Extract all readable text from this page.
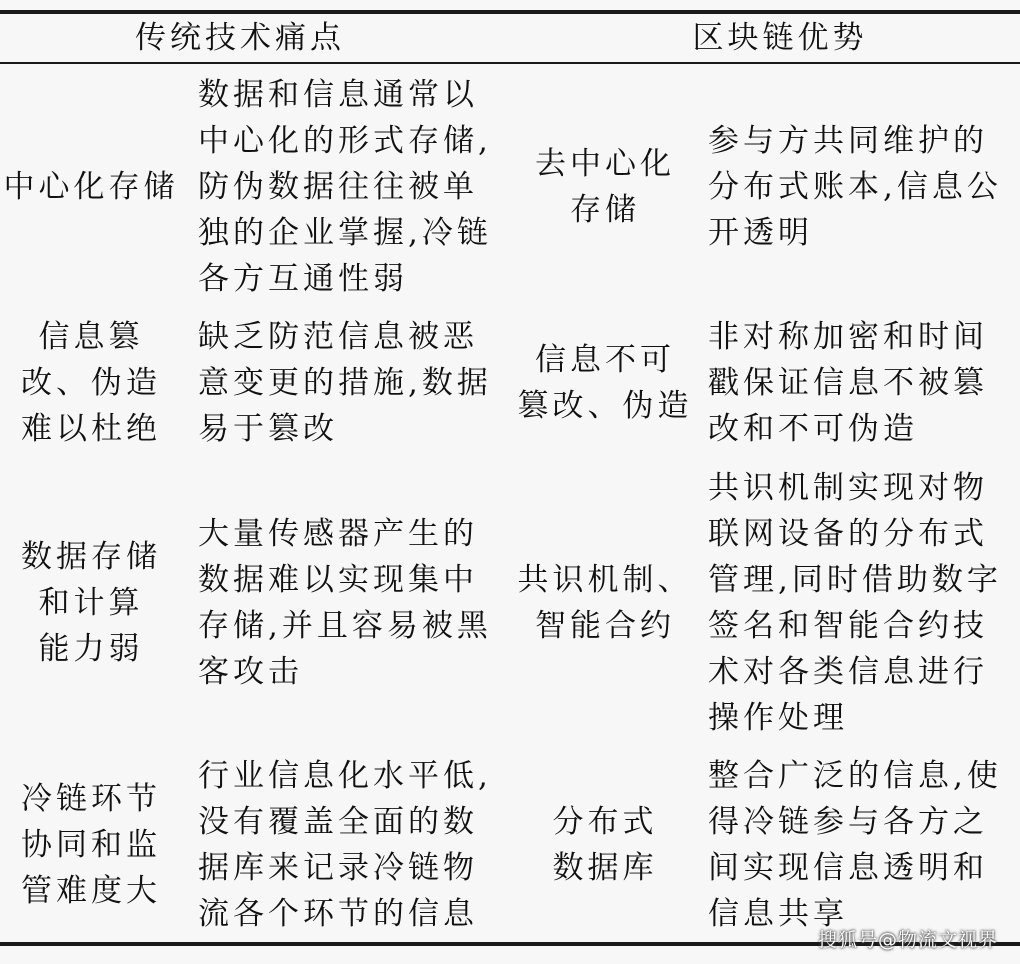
传统技术痛点	区块链优势
中心化存储
数据和信息通常以
中心化的形式存储,
防伪数据往往被单
独的企业掌握,冷链
各方互通性弱
去中心化
存储
参与方共同维护的
分布式账本,信息公
开透明
信息篡
改、伪造
难以杜绝
缺乏防范信息被恶
意变更的措施,数据
易于篡改
信息不可
篡改、伪造
非对称加密和时间
戳保证信息不被篡
改和不可伪造
数据存储
和计算
能力弱
大量传感器产生的
数据难以实现集中
存储,并且容易被黑
客攻击
共识机制、
智能合约
共识机制实现对物
联网设备的分布式
管理,同时借助数字
签名和智能合约技
术对各类信息进行
操作处理
冷链环节
协同和监
管难度大
行业信息化水平低,
没有覆盖全面的数
据库来记录冷链物
流各个环节的信息
分布式
数据库
整合广泛的信息,使
得冷链参与各方之
间实现信息透明和
信息共享
搜狐号@物流文视界
